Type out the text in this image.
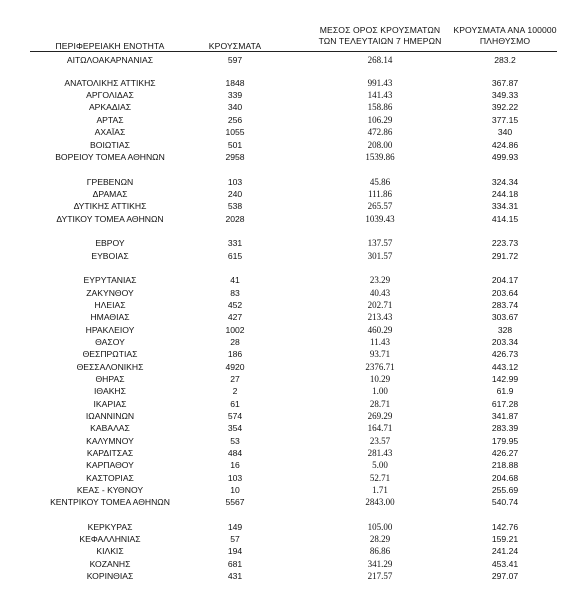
ΠΕΡΙΦΕΡΕΙΑΚΗ ΕΝΟΤΗΤΑ	ΚΡΟΥΣΜΑΤΑ
ΜΕΣΟΣ ΟΡΟΣ ΚΡΟΥΣΜΑΤΩΝ
ΤΩΝ ΤΕΛΕΥΤΑΙΩΝ 7 ΗΜΕΡΩΝ
ΚΡΟΥΣΜΑΤΑ ΑΝΑ 100000
ΠΛΗΘΥΣΜΟ
ΑΙΤΩΛΟΑΚΑΡΝΑΝΙΑΣ	597	268.14	283.2
ΑΝΑΤΟΛΙΚΗΣ ΑΤΤΙΚΗΣ	1848	991.43	367.87
ΑΡΓΟΛΙΔΑΣ	339	141.43	349.33
ΑΡΚΑΔΙΑΣ	340	158.86	392.22
ΑΡΤΑΣ	256	106.29	377.15
ΑΧΑΪΑΣ	1055	472.86	340
ΒΟΙΩΤΙΑΣ	501	208.00	424.86
ΒΟΡΕΙΟΥ ΤΟΜΕΑ ΑΘΗΝΩΝ	2958	1539.86	499.93
ΓΡΕΒΕΝΩΝ	103	45.86	324.34
ΔΡΑΜΑΣ	240	111.86	244.18
ΔΥΤΙΚΗΣ ΑΤΤΙΚΗΣ	538	265.57	334.31
ΔΥΤΙΚΟΥ ΤΟΜΕΑ ΑΘΗΝΩΝ	2028	1039.43	414.15
ΕΒΡΟΥ	331	137.57	223.73
ΕΥΒΟΙΑΣ	615	301.57	291.72
ΕΥΡΥΤΑΝΙΑΣ	41	23.29	204.17
ΖΑΚΥΝΘΟΥ	83	40.43	203.64
ΗΛΕΙΑΣ	452	202.71	283.74
ΗΜΑΘΙΑΣ	427	213.43	303.67
ΗΡΑΚΛΕΙΟΥ	1002	460.29	328
ΘΑΣΟΥ	28	11.43	203.34
ΘΕΣΠΡΩΤΙΑΣ	186	93.71	426.73
ΘΕΣΣΑΛΟΝΙΚΗΣ	4920	2376.71	443.12
ΘΗΡΑΣ	27	10.29	142.99
ΙΘΑΚΗΣ	2	1.00	61.9
ΙΚΑΡΙΑΣ	61	28.71	617.28
ΙΩΑΝΝΙΝΩΝ	574	269.29	341.87
ΚΑΒΑΛΑΣ	354	164.71	283.39
ΚΑΛΥΜΝΟΥ	53	23.57	179.95
ΚΑΡΔΙΤΣΑΣ	484	281.43	426.27
ΚΑΡΠΑΘΟΥ	16	5.00	218.88
ΚΑΣΤΟΡΙΑΣ	103	52.71	204.68
ΚΕΑΣ - ΚΥΘΝΟΥ	10	1.71	255.69
ΚΕΝΤΡΙΚΟΥ ΤΟΜΕΑ ΑΘΗΝΩΝ	5567	2843.00	540.74
ΚΕΡΚΥΡΑΣ	149	105.00	142.76
ΚΕΦΑΛΛΗΝΙΑΣ	57	28.29	159.21
ΚΙΛΚΙΣ	194	86.86	241.24
ΚΟΖΑΝΗΣ	681	341.29	453.41
ΚΟΡΙΝΘΙΑΣ	431	217.57	297.07
